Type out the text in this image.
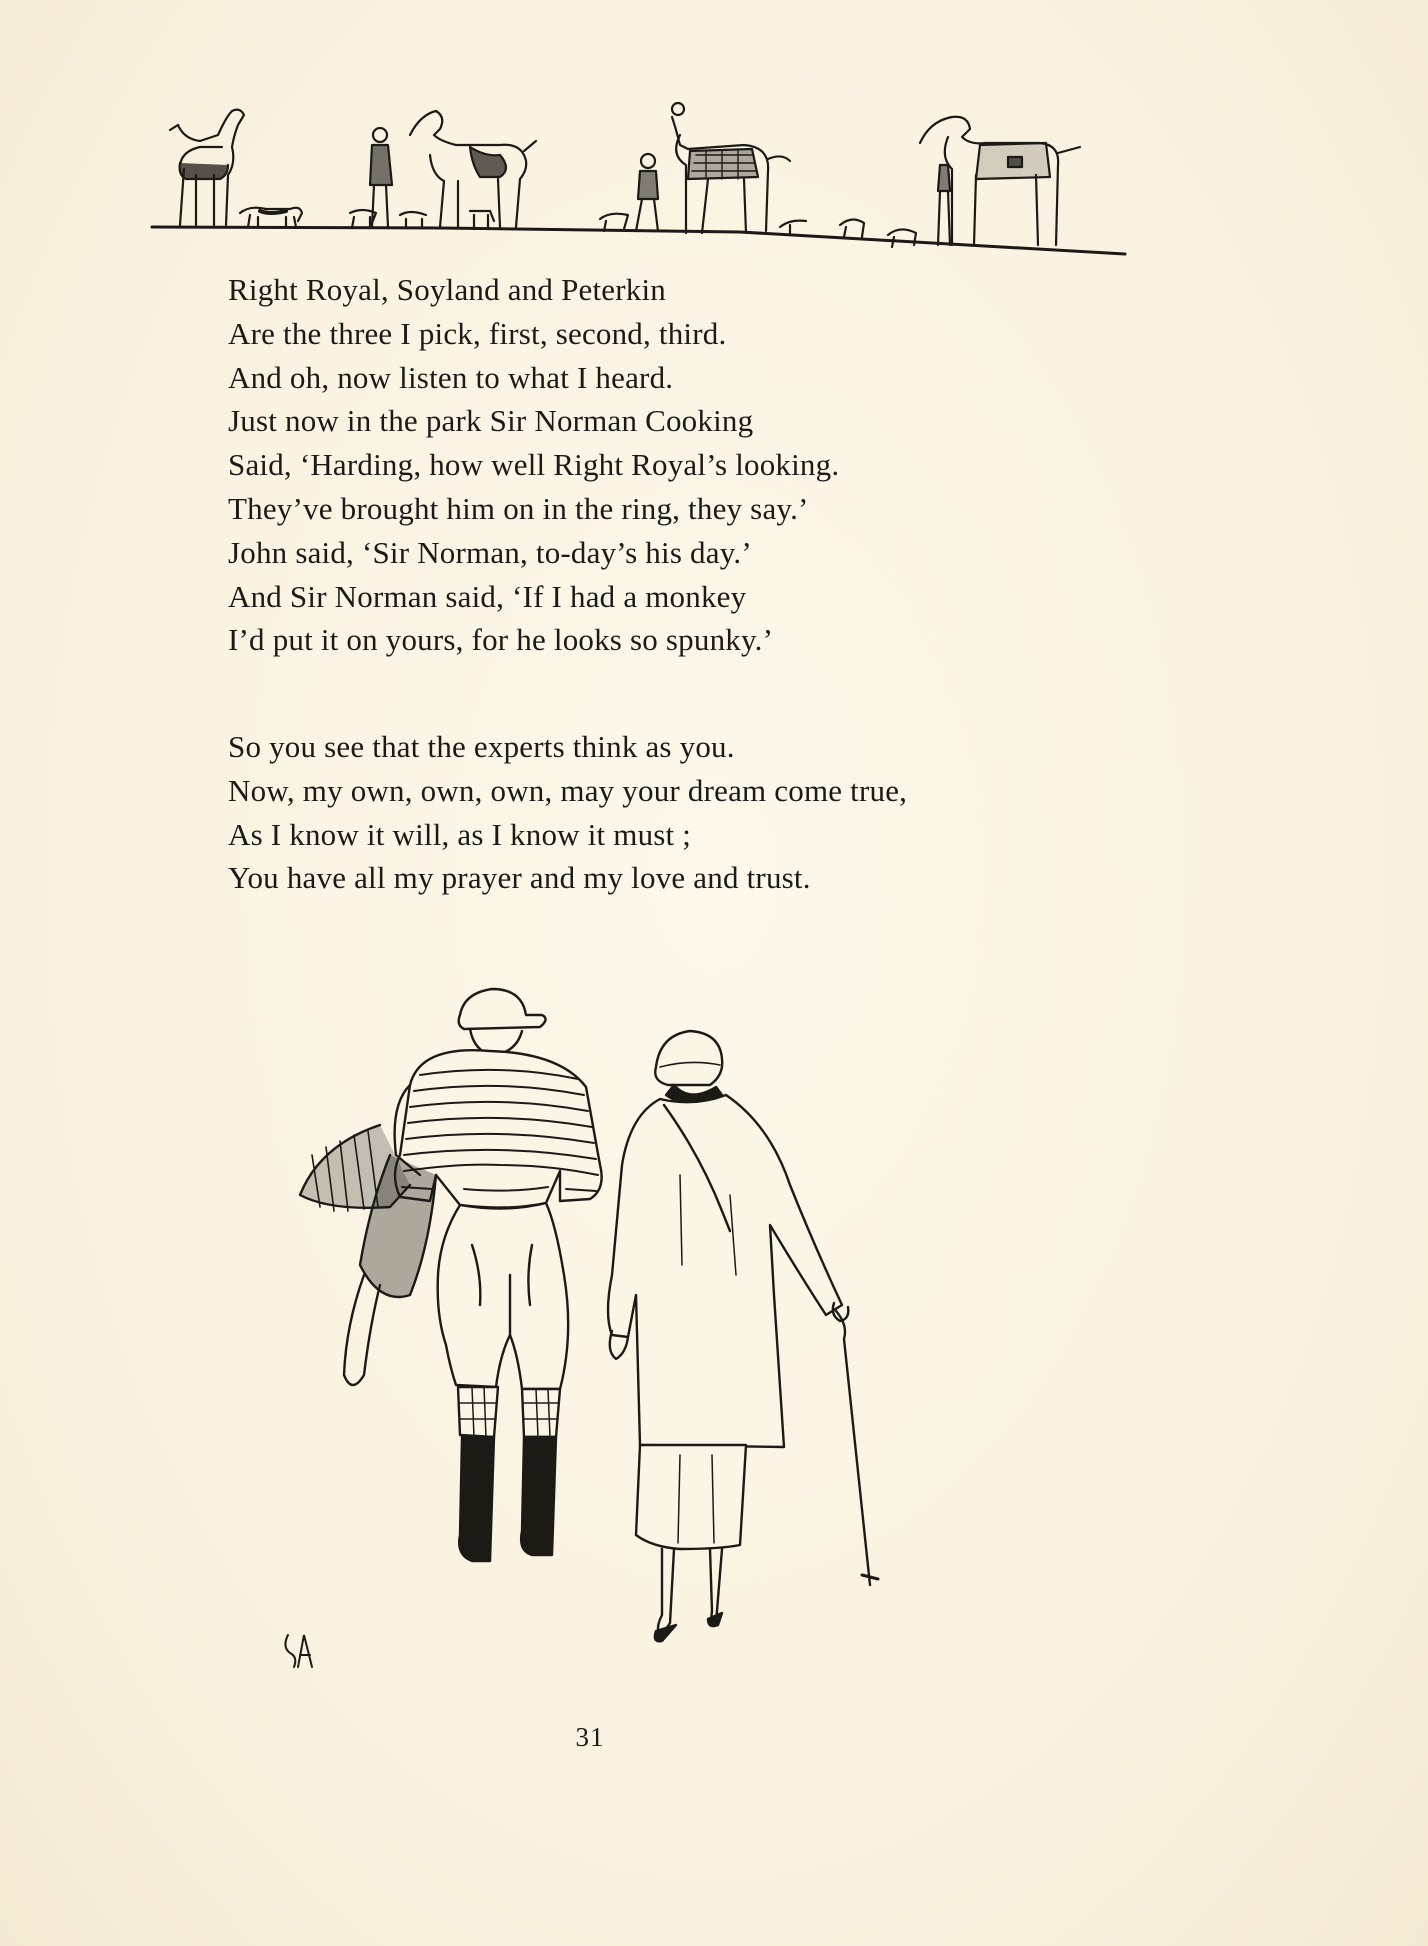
Right Royal, Soyland and Peterkin
Are the three I pick, first, second, third.
And oh, now listen to what I heard.
Just now in the park Sir Norman Cooking
Said, ‘Harding, how well Right Royal’s looking.
They’ve brought him on in the ring, they say.’
John said, ‘Sir Norman, to-day’s his day.’
And Sir Norman said, ‘If I had a monkey
I’d put it on yours, for he looks so spunky.’
So you see that the experts think as you.
Now, my own, own, own, may your dream come true,
As I know it will, as I know it must ;
You have all my prayer and my love and trust.
31
